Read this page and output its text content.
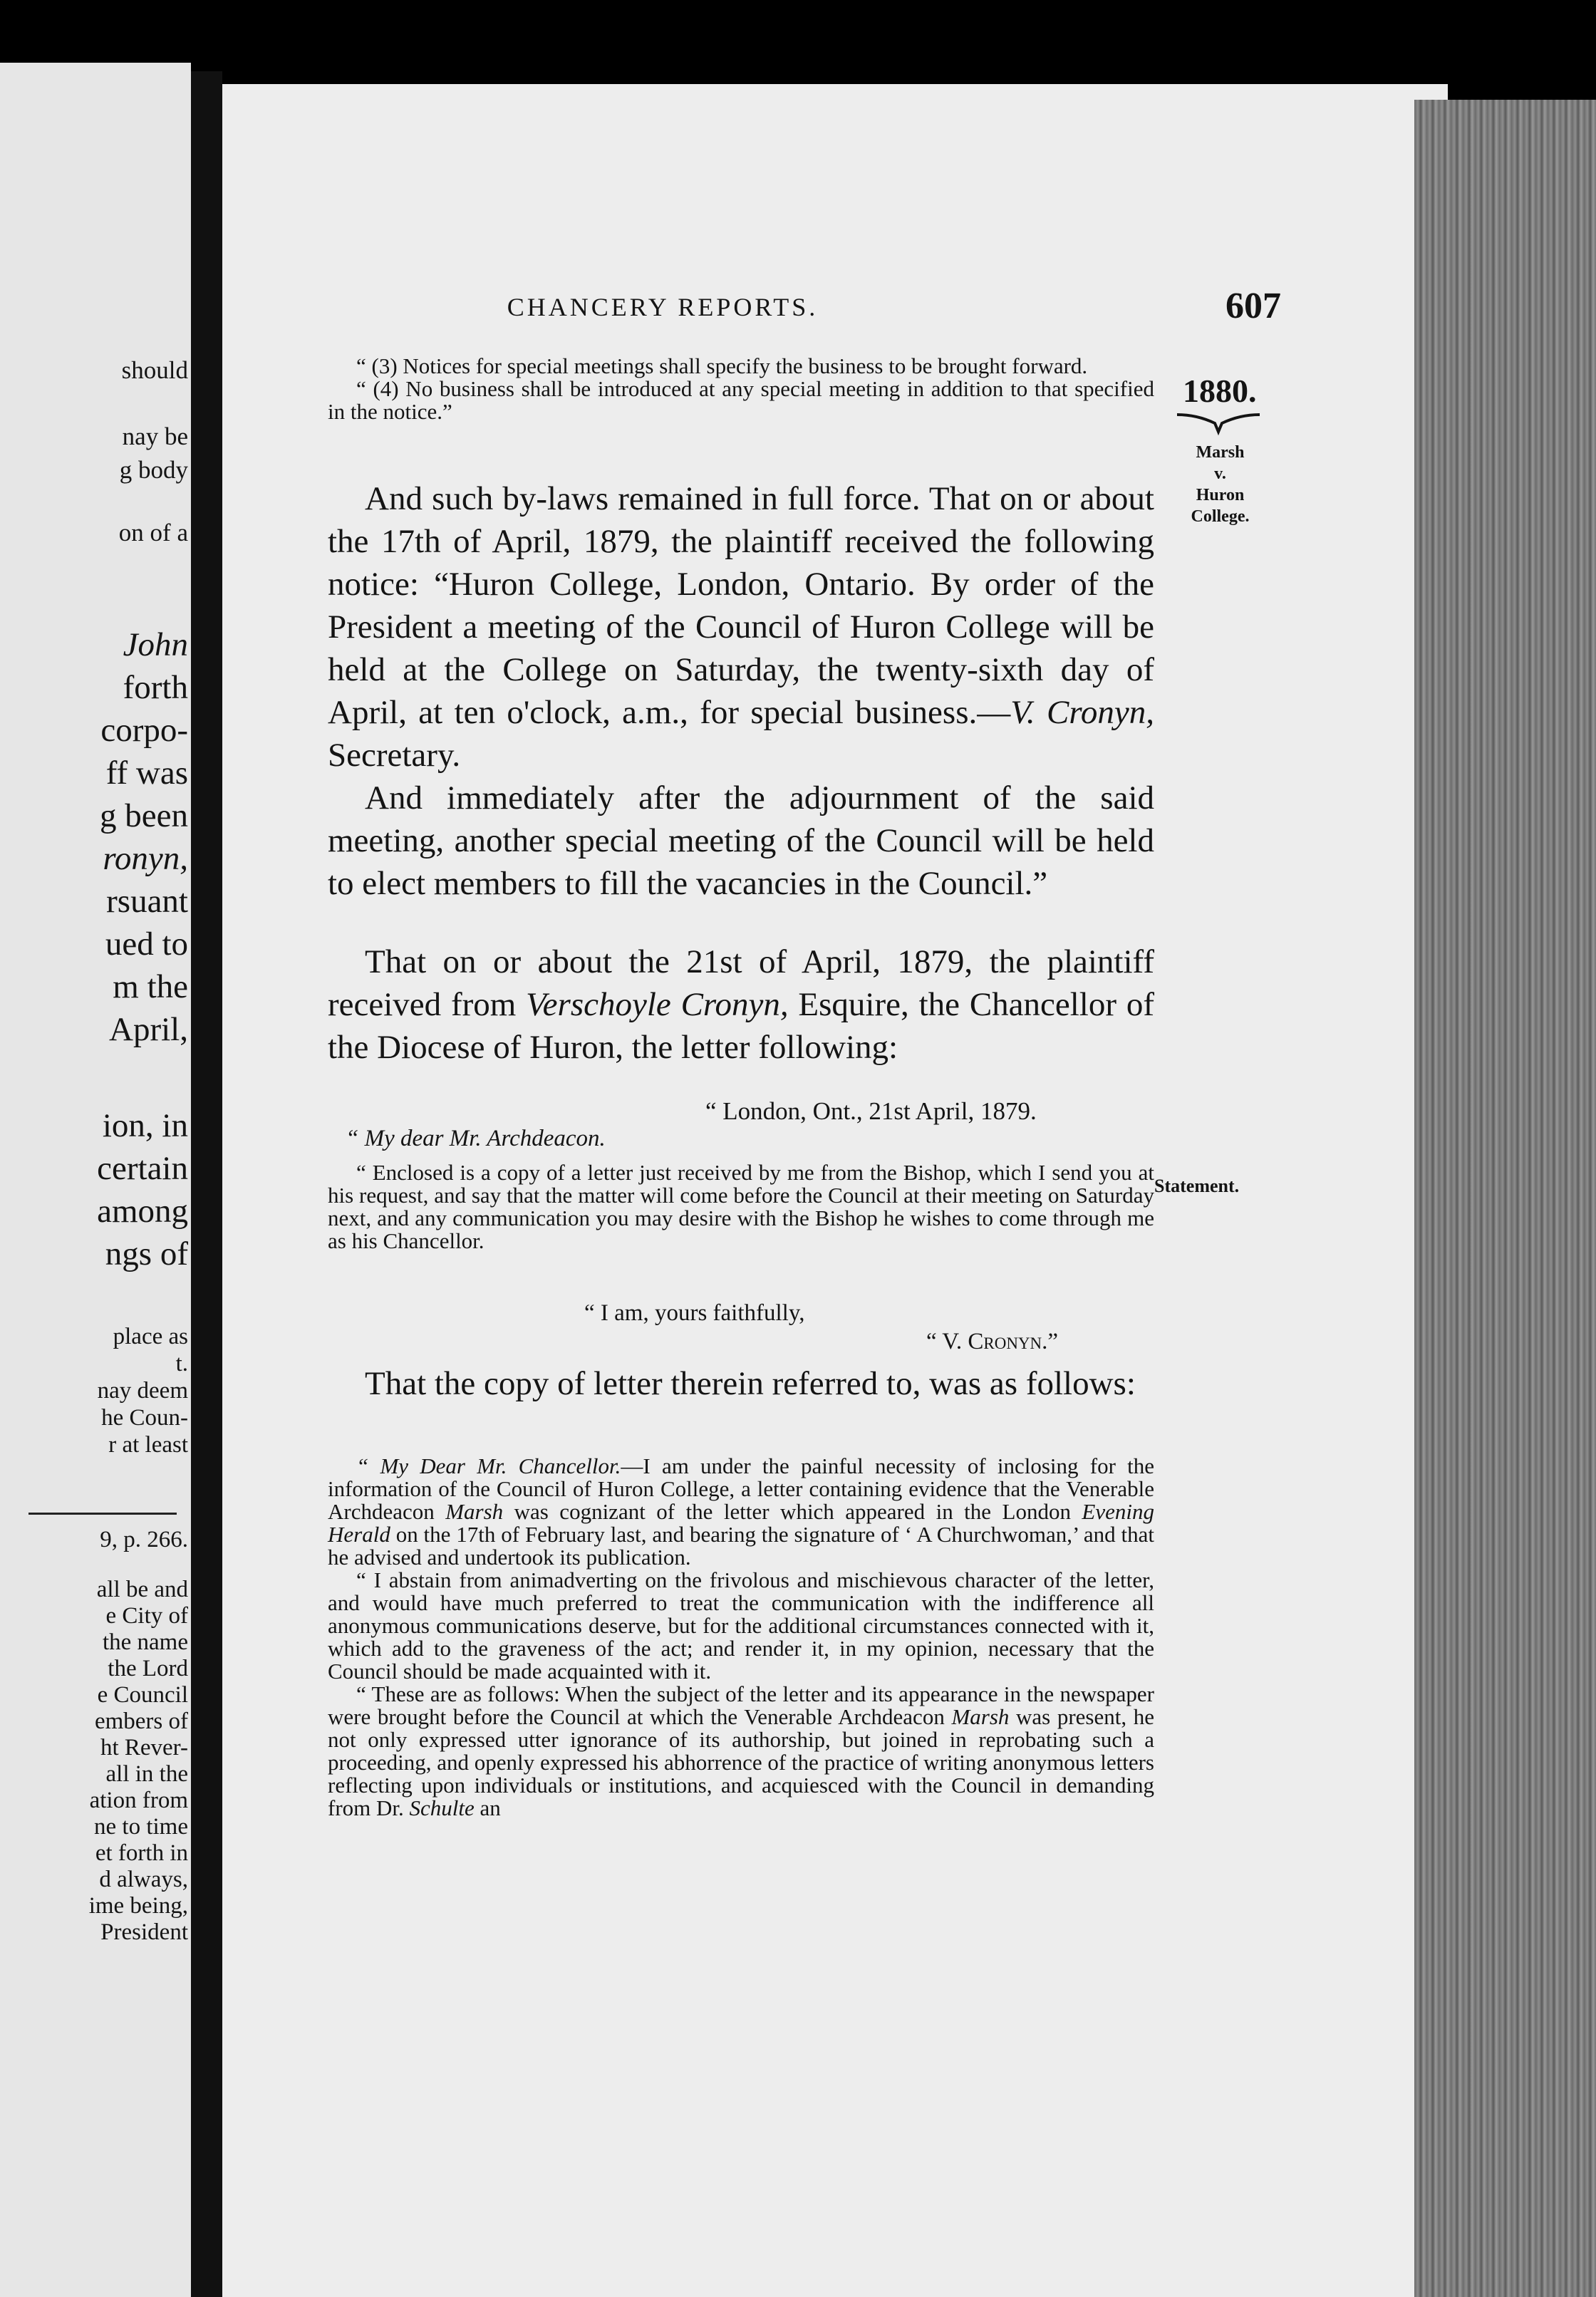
should
nay be
g body
on of a
John
forth
corpo-
ff was
g been
ronyn,
rsuant
ued to
m the
April,
ion, in
certain
among
ngs of
place as
t.
nay deem
he Coun-
r at least
9, p. 266.
all be and
e City of
the name
the Lord
e Council
embers of
ht Rever-
all in the
ation from
ne to time
et forth in
d always,
ime being,
President
CHANCERY REPORTS.	607
1880.
Marsh
v.
Huron
College.
Statement.

“ (3) Notices for special meetings shall specify the business to be brought forward.

“ (4) No business shall be introduced at any special meeting in addition to that specified in the notice.”

And such by-laws remained in full force. That on or about the 17th of April, 1879, the plaintiff received the following notice: “Huron College, London, Ontario. By order of the President a meeting of the Council of Huron College will be held at the College on Saturday, the twenty-sixth day of April, at ten o'clock, a.m., for special business.—V. Cronyn, Secretary.

And immediately after the adjournment of the said meeting, another special meeting of the Council will be held to elect members to fill the vacancies in the Council.”

That on or about the 21st of April, 1879, the plaintiff received from Verschoyle Cronyn, Esquire, the Chancellor of the Diocese of Huron, the letter following:

“ London, Ont., 21st April, 1879.
“ My dear Mr. Archdeacon.

“ Enclosed is a copy of a letter just received by me from the Bishop, which I send you at his request, and say that the matter will come before the Council at their meeting on Saturday next, and any communication you may desire with the Bishop he wishes to come through me as his Chancellor.

“ I am, yours faithfully,
“ V. Cronyn.”

That the copy of letter therein referred to, was as follows:

“ My Dear Mr. Chancellor.—I am under the painful necessity of inclosing for the information of the Council of Huron College, a letter containing evidence that the Venerable Archdeacon Marsh was cognizant of the letter which appeared in the London Evening Herald on the 17th of February last, and bearing the signature of ‘ A Churchwoman,’ and that he advised and undertook its publication.

“ I abstain from animadverting on the frivolous and mischievous character of the letter, and would have much preferred to treat the communication with the indifference all anonymous communications deserve, but for the additional circumstances connected with it, which add to the graveness of the act; and render it, in my opinion, necessary that the Council should be made acquainted with it.

“ These are as follows: When the subject of the letter and its appearance in the newspaper were brought before the Council at which the Venerable Archdeacon Marsh was present, he not only expressed utter ignorance of its authorship, but joined in reprobating such a proceeding, and openly expressed his abhorrence of the practice of writing anonymous letters reflecting upon individuals or institutions, and acquiesced with the Council in demanding from Dr. Schulte an
